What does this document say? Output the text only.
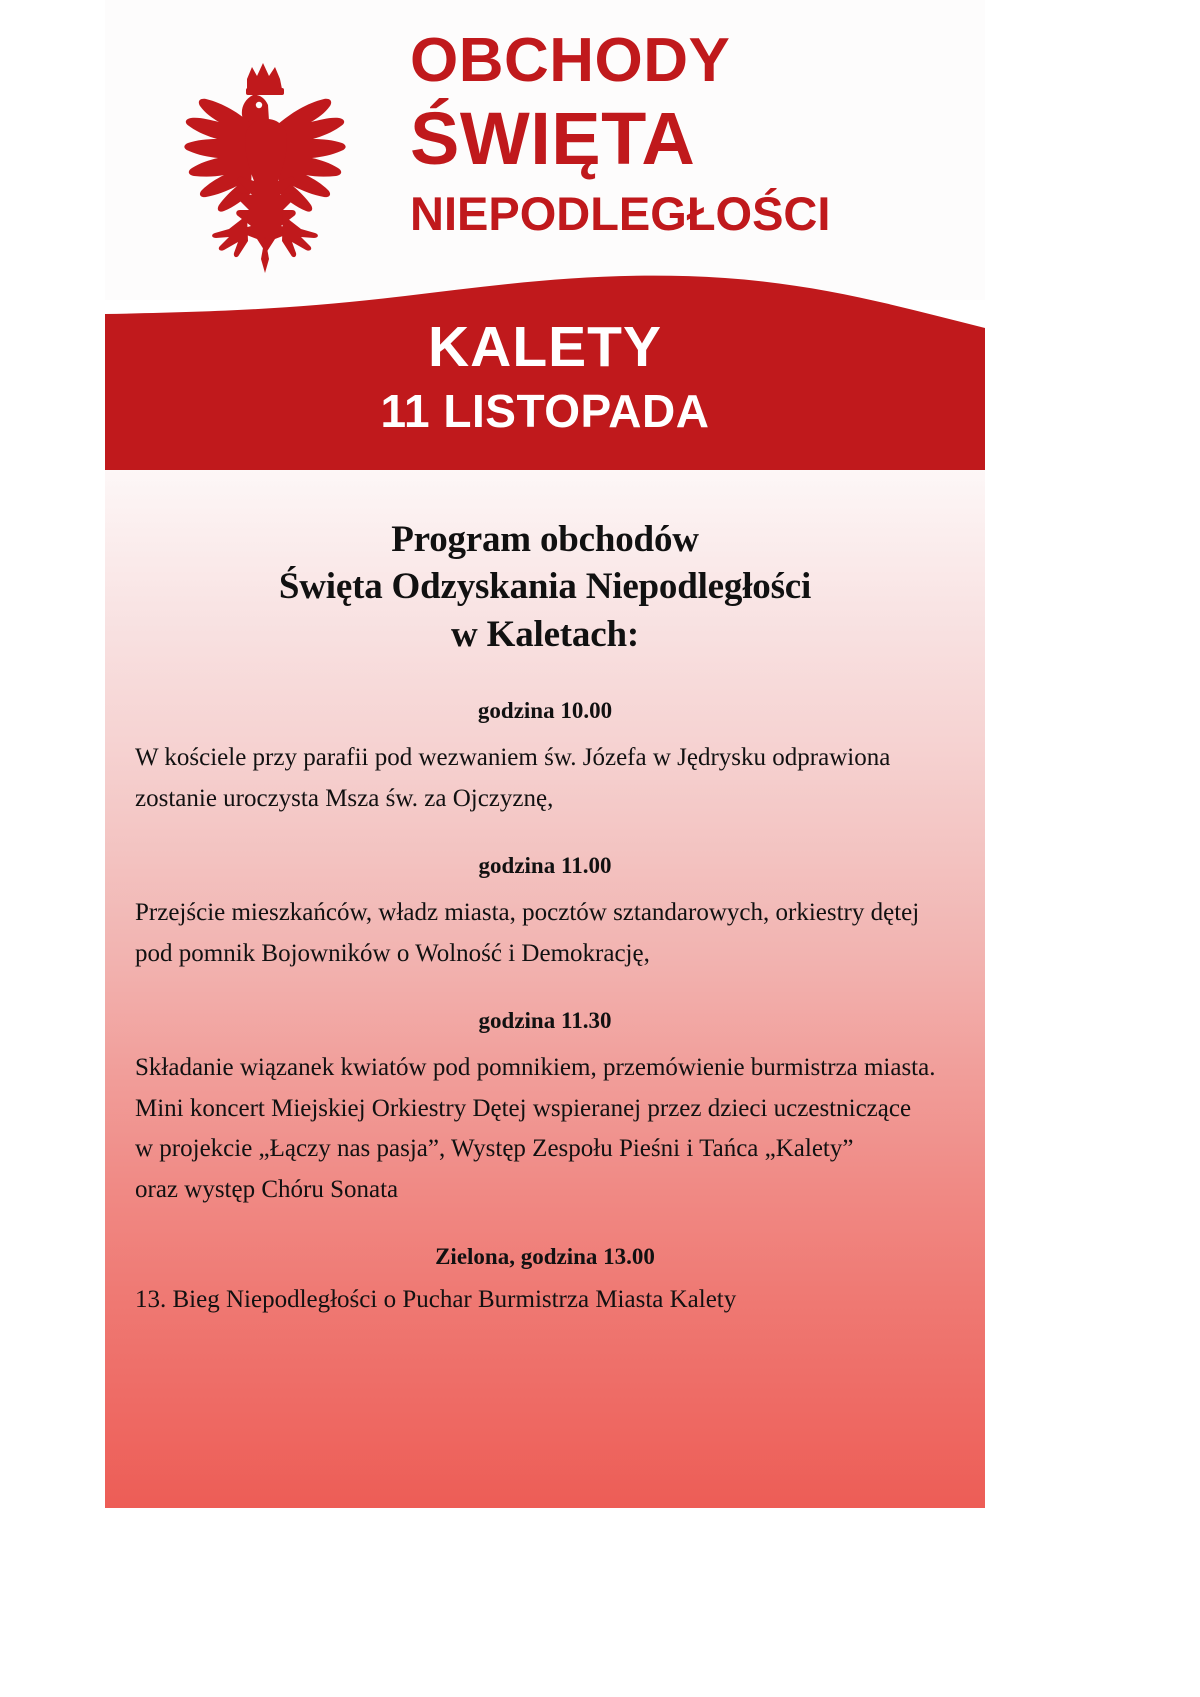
OBCHODY
ŚWIĘTA
NIEPODLEGŁOŚCI
KALETY
11 LISTOPADA
Program obchodów
Święta Odzyskania Niepodległości
w Kaletach:
godzina 10.00
W kościele przy parafii pod wezwaniem św. Józefa w Jędrysku odprawiona
zostanie uroczysta Msza św. za Ojczyznę,
godzina 11.00
Przejście mieszkańców, władz miasta, pocztów sztandarowych, orkiestry dętej
pod pomnik Bojowników o Wolność i Demokrację,
godzina 11.30
Składanie wiązanek kwiatów pod pomnikiem, przemówienie burmistrza miasta.
Mini koncert Miejskiej Orkiestry Dętej wspieranej przez dzieci uczestniczące
w projekcie „Łączy nas pasja”, Występ Zespołu Pieśni i Tańca „Kalety”
oraz występ Chóru Sonata
Zielona, godzina 13.00
13. Bieg Niepodległości o Puchar Burmistrza Miasta Kalety
